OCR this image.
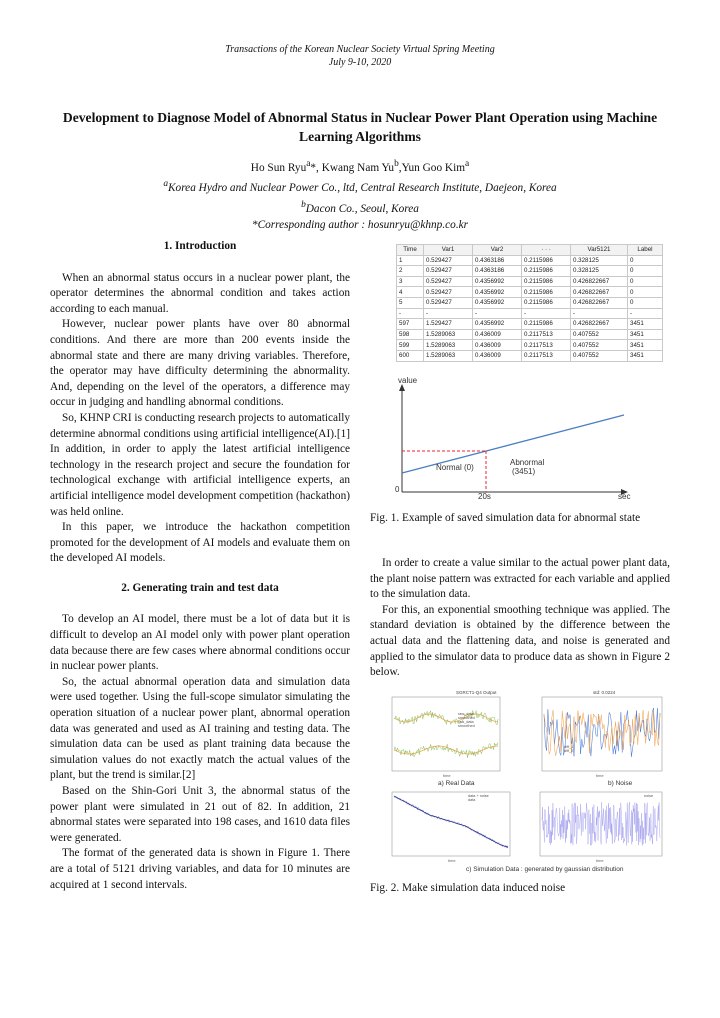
Transactions of the Korean Nuclear Society Virtual Spring Meeting
July 9-10, 2020
Development to Diagnose Model of Abnormal Status in Nuclear Power Plant Operation using Machine Learning Algorithms
Ho Sun Ryu$^a$*, Kwang Nam Yu$^b$,Yun Goo Kim$^a$
$^a$Korea Hydro and Nuclear Power Co., ltd, Central Research Institute, Daejeon, Korea
$^b$Dacon Co., Seoul, Korea
*Corresponding author : hosunryu@khnp.co.kr
1. Introduction

When an abnormal status occurs in a nuclear power plant, the operator determines the abnormal condition and takes action according to each manual.

However, nuclear power plants have over 80 abnormal conditions. And there are more than 200 events inside the abnormal state and there are many driving variables. Therefore, the operator may have difficulty determining the abnormality. And, depending on the level of the operators, a difference may occur in judging and handling abnormal conditions.

So, KHNP CRI is conducting research projects to automatically determine abnormal conditions using artificial intelligence(AI).[1] In addition, in order to apply the latest artificial intelligence technology in the research project and secure the foundation for technological exchange with artificial intelligence experts, an artificial intelligence model development competition (hackathon) was held online.

In this paper, we introduce the hackathon competition promoted for the development of AI models and evaluate them on the developed AI models.

2. Generating train and test data

To develop an AI model, there must be a lot of data but it is difficult to develop an AI model only with power plant operation data because there are few cases where abnormal conditions occur in nuclear power plants.

So, the actual abnormal operation data and simulation data were used together. Using the full-scope simulator simulating the operation situation of a nuclear power plant, abnormal operation data was generated and used as AI training and testing data. The simulation data can be used as plant training data because the simulation values do not exactly match the actual values of the plant, but the trend is similar.[2]

Based on the Shin-Gori Unit 3, the abnormal status of the power plant were simulated in 21 out of 82. In addition, 21 abnormal states were separated into 198 cases, and 1610 data files were generated.

The format of the generated data is shown in Figure 1. There are a total of 5121 driving variables, and data for 10 minutes are acquired at 1 second intervals.

Time	Var1	Var2	· · ·	Var5121	Label
1	0.529427	0.4363186	0.2115986	0.328125	0
2	0.529427	0.4363186	0.2115986	0.328125	0
3	0.529427	0.4356992	0.2115986	0.426822667	0
4	0.529427	0.4356992	0.2115986	0.426822667	0
5	0.529427	0.4356992	0.2115986	0.426822667	0
-	-	-	-	-	-
597	1.529427	0.4356992	0.2115986	0.426822667	3451
598	1.5289063	0.436009	0.2117513	0.407552	3451
599	1.5289063	0.436009	0.2117513	0.407552	3451
600	1.5289063	0.436009	0.2117513	0.407552	3451
value
0
20s	sec
Normal (0)
Abnormal
(3451)
Fig. 1. Example of saved simulation data for abnormal state

In order to create a value similar to the actual power plant data, the plant noise pattern was extracted for each variable and applied to the simulation data.

For this, an exponential smoothing technique was applied. The standard deviation is obtained by the difference between the actual data and the flattening data, and noise is generated and applied to the simulator data to produce data as shown in Figure 2 below.

SGRCT1-Q4 Output
raw_data
smoothed
raw_data
smoothed
time
a) Real Data
std: 0.0224
diff_1
diff_2
time
b) Noise
data + noise
data
noise
time	time
c) Simulation Data : generated by gaussian distribution
Fig. 2. Make simulation data induced noise
